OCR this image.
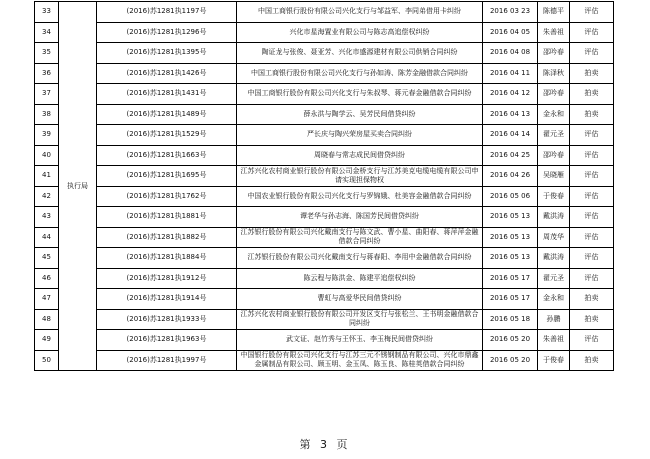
33	执行局	(2016)苏1281执1197号	中国工商银行股份有限公司兴化支行与邹益军、李同弟借用卡纠纷	2016 03 23	陈德平	评估
34		(2016)苏1281执1296号	兴化市星海置业有限公司与陈志高追偿权纠纷	2016 04 05	朱善祖	评估
35		(2016)苏1281执1395号	陶证龙与张俊、聂亚芳、兴化市盛源建材有限公司供销合同纠纷	2016 04 08	邵吟春	评估
36		(2016)苏1281执1426号	中国工商银行股份有限公司兴化支行与孙如涛、陈芳金融借款合同纠纷	2016 04 11	陈泽秋	拍卖
37		(2016)苏1281执1431号	中国工商银行股份有限公司兴化支行与朱叔琴、蒋元春金融借款合同纠纷	2016 04 12	邵吟春	拍卖
38		(2016)苏1281执1489号	薛永洪与陶学云、吴芳民间借贷纠纷	2016 04 13	金永和	拍卖
39		(2016)苏1281执1529号	严长庆与陶兴荣房屋买卖合同纠纷	2016 04 14	翟元圣	评估
40		(2016)苏1281执1663号	周晓春与常志成民间借贷纠纷	2016 04 25	邵吟春	评估
41		(2016)苏1281执1695号	江苏兴化农村商业银行股份有限公司金桥支行与江苏美克电缆电缆有限公司申请实现担保物权	2016 04 26	吴晓雁	评估
42		(2016)苏1281执1762号	中国农业银行股份有限公司兴化支行与罗锦娥、杜美容金融借款合同纠纷	2016 05 06	于俊春	评估
43		(2016)苏1281执1881号	谭老华与孙志海、陈国芳民间借贷纠纷	2016 05 13	戴洪涛	评估
44		(2016)苏1281执1882号	江苏银行股份有限公司兴化戴南支行与陈文武、曹小星、曲阳春、蒋萍萍金融借款合同纠纷	2016 05 13	周茂华	评估
45		(2016)苏1281执1884号	江苏银行股份有限公司兴化戴南支行与蒋春阳、李用中金融借款合同纠纷	2016 05 13	戴洪涛	评估
46		(2016)苏1281执1912号	陈云程与陈洪金、陈建平追偿权纠纷	2016 05 17	翟元圣	评估
47		(2016)苏1281执1914号	曹虹与高爱华民间借贷纠纷	2016 05 17	金永和	拍卖
48		(2016)苏1281执1933号	江苏兴化农村商业银行股份有限公司开发区支行与张松兰、王书明金融借款合同纠纷	2016 05 18	孙鹏	拍卖
49		(2016)苏1281执1963号	武文证、赵竹秀与王怀玉、李玉梅民间借贷纠纷	2016 05 20	朱善祖	评估
50		(2016)苏1281执1997号	中国银行股份有限公司兴化支行与江苏三元不锈钢制品有限公司、兴化市鼎鑫金属制品有限公司、顾玉明、金玉凤、陈玉良、陈桂英借款合同纠纷	2016 05 20	于俊春	拍卖
第 3 页
